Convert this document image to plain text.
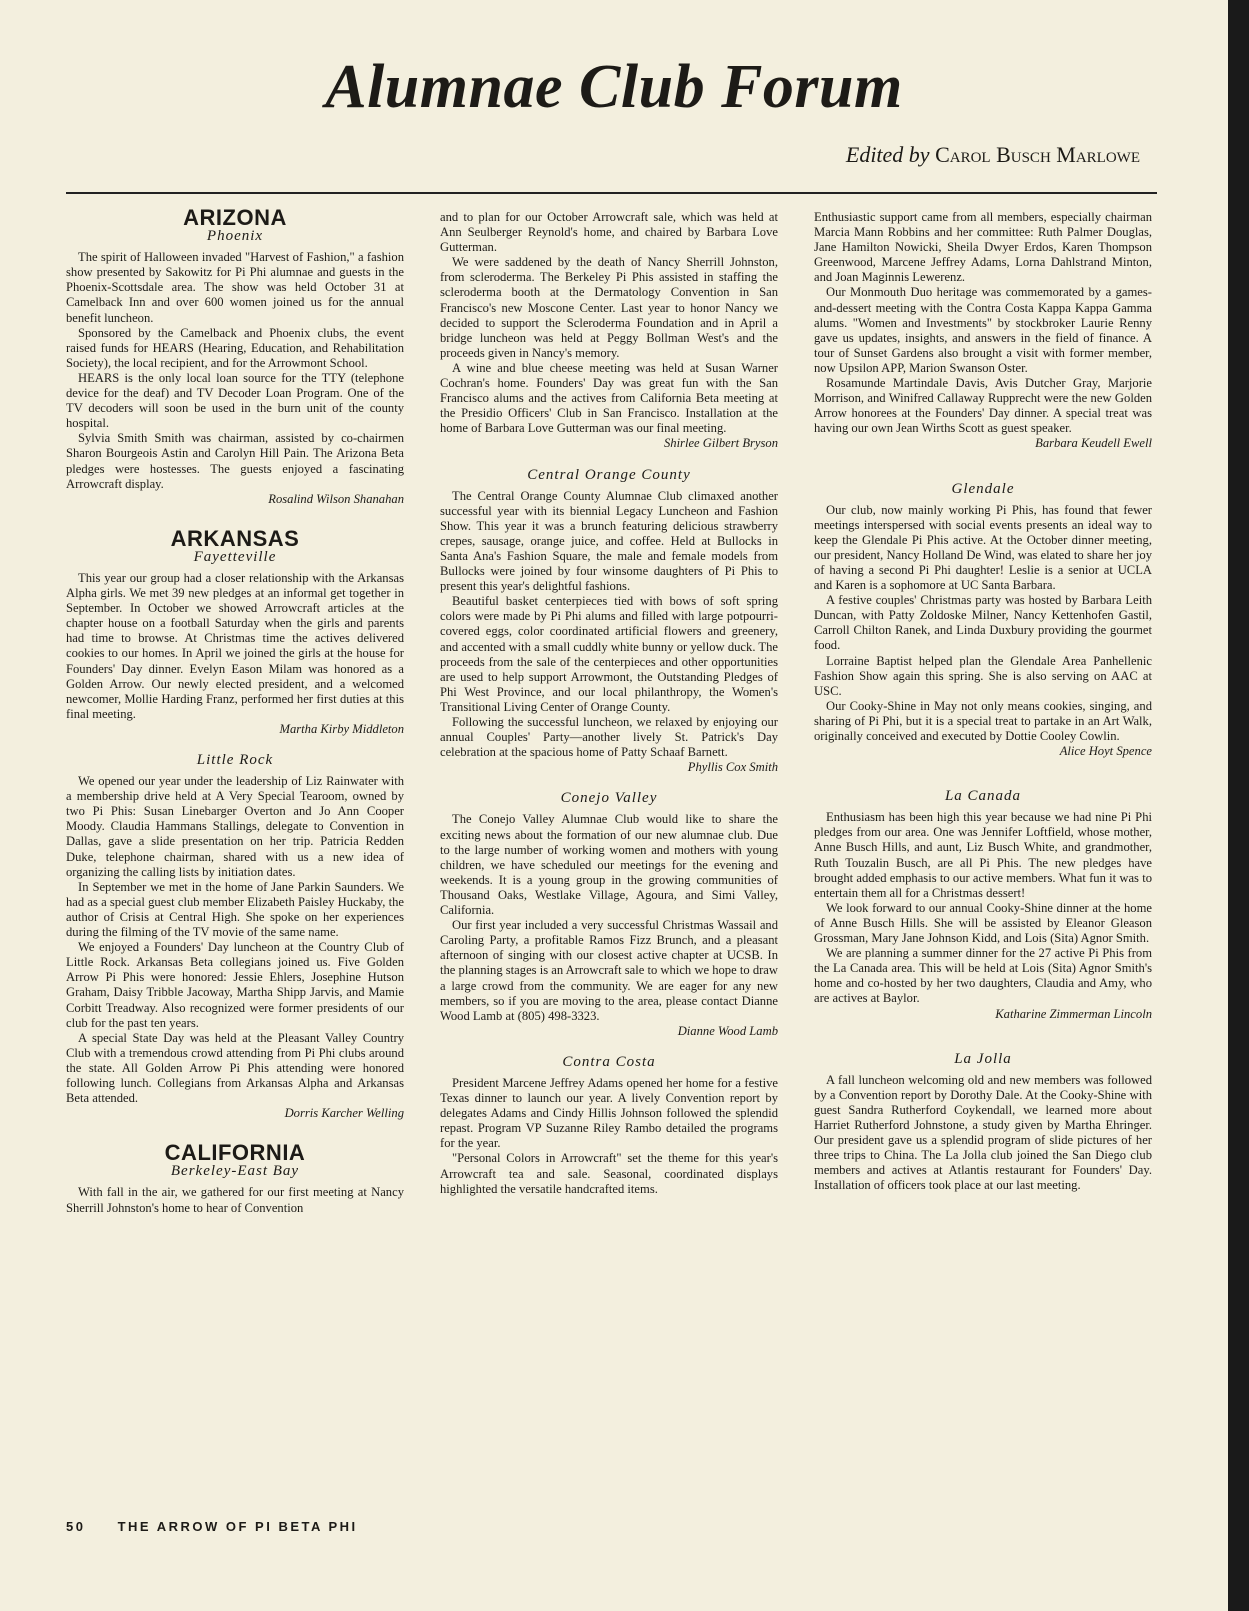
Alumnae Club Forum
Edited by Carol Busch Marlowe
ARIZONA
Phoenix

The spirit of Halloween invaded "Harvest of Fashion," a fashion show presented by Sakowitz for Pi Phi alumnae and guests in the Phoenix-Scottsdale area. The show was held October 31 at Camelback Inn and over 600 women joined us for the annual benefit luncheon.

Sponsored by the Camelback and Phoenix clubs, the event raised funds for HEARS (Hearing, Education, and Rehabilitation Society), the local recipient, and for the Arrowmont School.

HEARS is the only local loan source for the TTY (telephone device for the deaf) and TV Decoder Loan Program. One of the TV decoders will soon be used in the burn unit of the county hospital.

Sylvia Smith Smith was chairman, assisted by co-chairmen Sharon Bourgeois Astin and Carolyn Hill Pain. The Arizona Beta pledges were hostesses. The guests enjoyed a fascinating Arrowcraft display.

Rosalind Wilson Shanahan

ARKANSAS
Fayetteville

This year our group had a closer relationship with the Arkansas Alpha girls. We met 39 new pledges at an informal get together in September. In October we showed Arrowcraft articles at the chapter house on a football Saturday when the girls and parents had time to browse. At Christmas time the actives delivered cookies to our homes. In April we joined the girls at the house for Founders' Day dinner. Evelyn Eason Milam was honored as a Golden Arrow. Our newly elected president, and a welcomed newcomer, Mollie Harding Franz, performed her first duties at this final meeting.

Martha Kirby Middleton

Little Rock

We opened our year under the leadership of Liz Rainwater with a membership drive held at A Very Special Tearoom, owned by two Pi Phis: Susan Linebarger Overton and Jo Ann Cooper Moody. Claudia Hammans Stallings, delegate to Convention in Dallas, gave a slide presentation on her trip. Patricia Redden Duke, telephone chairman, shared with us a new idea of organizing the calling lists by initiation dates.

In September we met in the home of Jane Parkin Saunders. We had as a special guest club member Elizabeth Paisley Huckaby, the author of Crisis at Central High. She spoke on her experiences during the filming of the TV movie of the same name.

We enjoyed a Founders' Day luncheon at the Country Club of Little Rock. Arkansas Beta collegians joined us. Five Golden Arrow Pi Phis were honored: Jessie Ehlers, Josephine Hutson Graham, Daisy Tribble Jacoway, Martha Shipp Jarvis, and Mamie Corbitt Treadway. Also recognized were former presidents of our club for the past ten years.

A special State Day was held at the Pleasant Valley Country Club with a tremendous crowd attending from Pi Phi clubs around the state. All Golden Arrow Pi Phis attending were honored following lunch. Collegians from Arkansas Alpha and Arkansas Beta attended.

Dorris Karcher Welling

CALIFORNIA
Berkeley-East Bay

With fall in the air, we gathered for our first meeting at Nancy Sherrill Johnston's home to hear of Convention

and to plan for our October Arrowcraft sale, which was held at Ann Seulberger Reynold's home, and chaired by Barbara Love Gutterman.

We were saddened by the death of Nancy Sherrill Johnston, from scleroderma. The Berkeley Pi Phis assisted in staffing the scleroderma booth at the Dermatology Convention in San Francisco's new Moscone Center. Last year to honor Nancy we decided to support the Scleroderma Foundation and in April a bridge luncheon was held at Peggy Bollman West's and the proceeds given in Nancy's memory.

A wine and blue cheese meeting was held at Susan Warner Cochran's home. Founders' Day was great fun with the San Francisco alums and the actives from California Beta meeting at the Presidio Officers' Club in San Francisco. Installation at the home of Barbara Love Gutterman was our final meeting.

Shirlee Gilbert Bryson

Central Orange County

The Central Orange County Alumnae Club climaxed another successful year with its biennial Legacy Luncheon and Fashion Show. This year it was a brunch featuring delicious strawberry crepes, sausage, orange juice, and coffee. Held at Bullocks in Santa Ana's Fashion Square, the male and female models from Bullocks were joined by four winsome daughters of Pi Phis to present this year's delightful fashions.

Beautiful basket centerpieces tied with bows of soft spring colors were made by Pi Phi alums and filled with large potpourri-covered eggs, color coordinated artificial flowers and greenery, and accented with a small cuddly white bunny or yellow duck. The proceeds from the sale of the centerpieces and other opportunities are used to help support Arrowmont, the Outstanding Pledges of Phi West Province, and our local philanthropy, the Women's Transitional Living Center of Orange County.

Following the successful luncheon, we relaxed by enjoying our annual Couples' Party—another lively St. Patrick's Day celebration at the spacious home of Patty Schaaf Barnett.

Phyllis Cox Smith

Conejo Valley

The Conejo Valley Alumnae Club would like to share the exciting news about the formation of our new alumnae club. Due to the large number of working women and mothers with young children, we have scheduled our meetings for the evening and weekends. It is a young group in the growing communities of Thousand Oaks, Westlake Village, Agoura, and Simi Valley, California.

Our first year included a very successful Christmas Wassail and Caroling Party, a profitable Ramos Fizz Brunch, and a pleasant afternoon of singing with our closest active chapter at UCSB. In the planning stages is an Arrowcraft sale to which we hope to draw a large crowd from the community. We are eager for any new members, so if you are moving to the area, please contact Dianne Wood Lamb at (805) 498-3323.

Dianne Wood Lamb

Contra Costa

President Marcene Jeffrey Adams opened her home for a festive Texas dinner to launch our year. A lively Convention report by delegates Adams and Cindy Hillis Johnson followed the splendid repast. Program VP Suzanne Riley Rambo detailed the programs for the year.

"Personal Colors in Arrowcraft" set the theme for this year's Arrowcraft tea and sale. Seasonal, coordinated displays highlighted the versatile handcrafted items.

Enthusiastic support came from all members, especially chairman Marcia Mann Robbins and her committee: Ruth Palmer Douglas, Jane Hamilton Nowicki, Sheila Dwyer Erdos, Karen Thompson Greenwood, Marcene Jeffrey Adams, Lorna Dahlstrand Minton, and Joan Maginnis Lewerenz.

Our Monmouth Duo heritage was commemorated by a games-and-dessert meeting with the Contra Costa Kappa Kappa Gamma alums. "Women and Investments" by stockbroker Laurie Renny gave us updates, insights, and answers in the field of finance. A tour of Sunset Gardens also brought a visit with former member, now Upsilon APP, Marion Swanson Oster.

Rosamunde Martindale Davis, Avis Dutcher Gray, Marjorie Morrison, and Winifred Callaway Rupprecht were the new Golden Arrow honorees at the Founders' Day dinner. A special treat was having our own Jean Wirths Scott as guest speaker.

Barbara Keudell Ewell

Glendale

Our club, now mainly working Pi Phis, has found that fewer meetings interspersed with social events presents an ideal way to keep the Glendale Pi Phis active. At the October dinner meeting, our president, Nancy Holland De Wind, was elated to share her joy of having a second Pi Phi daughter! Leslie is a senior at UCLA and Karen is a sophomore at UC Santa Barbara.

A festive couples' Christmas party was hosted by Barbara Leith Duncan, with Patty Zoldoske Milner, Nancy Kettenhofen Gastil, Carroll Chilton Ranek, and Linda Duxbury providing the gourmet food.

Lorraine Baptist helped plan the Glendale Area Panhellenic Fashion Show again this spring. She is also serving on AAC at USC.

Our Cooky-Shine in May not only means cookies, singing, and sharing of Pi Phi, but it is a special treat to partake in an Art Walk, originally conceived and executed by Dottie Cooley Cowlin.

Alice Hoyt Spence

La Canada

Enthusiasm has been high this year because we had nine Pi Phi pledges from our area. One was Jennifer Loftfield, whose mother, Anne Busch Hills, and aunt, Liz Busch White, and grandmother, Ruth Touzalin Busch, are all Pi Phis. The new pledges have brought added emphasis to our active members. What fun it was to entertain them all for a Christmas dessert!

We look forward to our annual Cooky-Shine dinner at the home of Anne Busch Hills. She will be assisted by Eleanor Gleason Grossman, Mary Jane Johnson Kidd, and Lois (Sita) Agnor Smith.

We are planning a summer dinner for the 27 active Pi Phis from the La Canada area. This will be held at Lois (Sita) Agnor Smith's home and co-hosted by her two daughters, Claudia and Amy, who are actives at Baylor.

Katharine Zimmerman Lincoln

La Jolla

A fall luncheon welcoming old and new members was followed by a Convention report by Dorothy Dale. At the Cooky-Shine with guest Sandra Rutherford Coykendall, we learned more about Harriet Rutherford Johnstone, a study given by Martha Ehringer. Our president gave us a splendid program of slide pictures of her three trips to China. The La Jolla club joined the San Diego club members and actives at Atlantis restaurant for Founders' Day. Installation of officers took place at our last meeting.

50 THE ARROW OF PI BETA PHI
